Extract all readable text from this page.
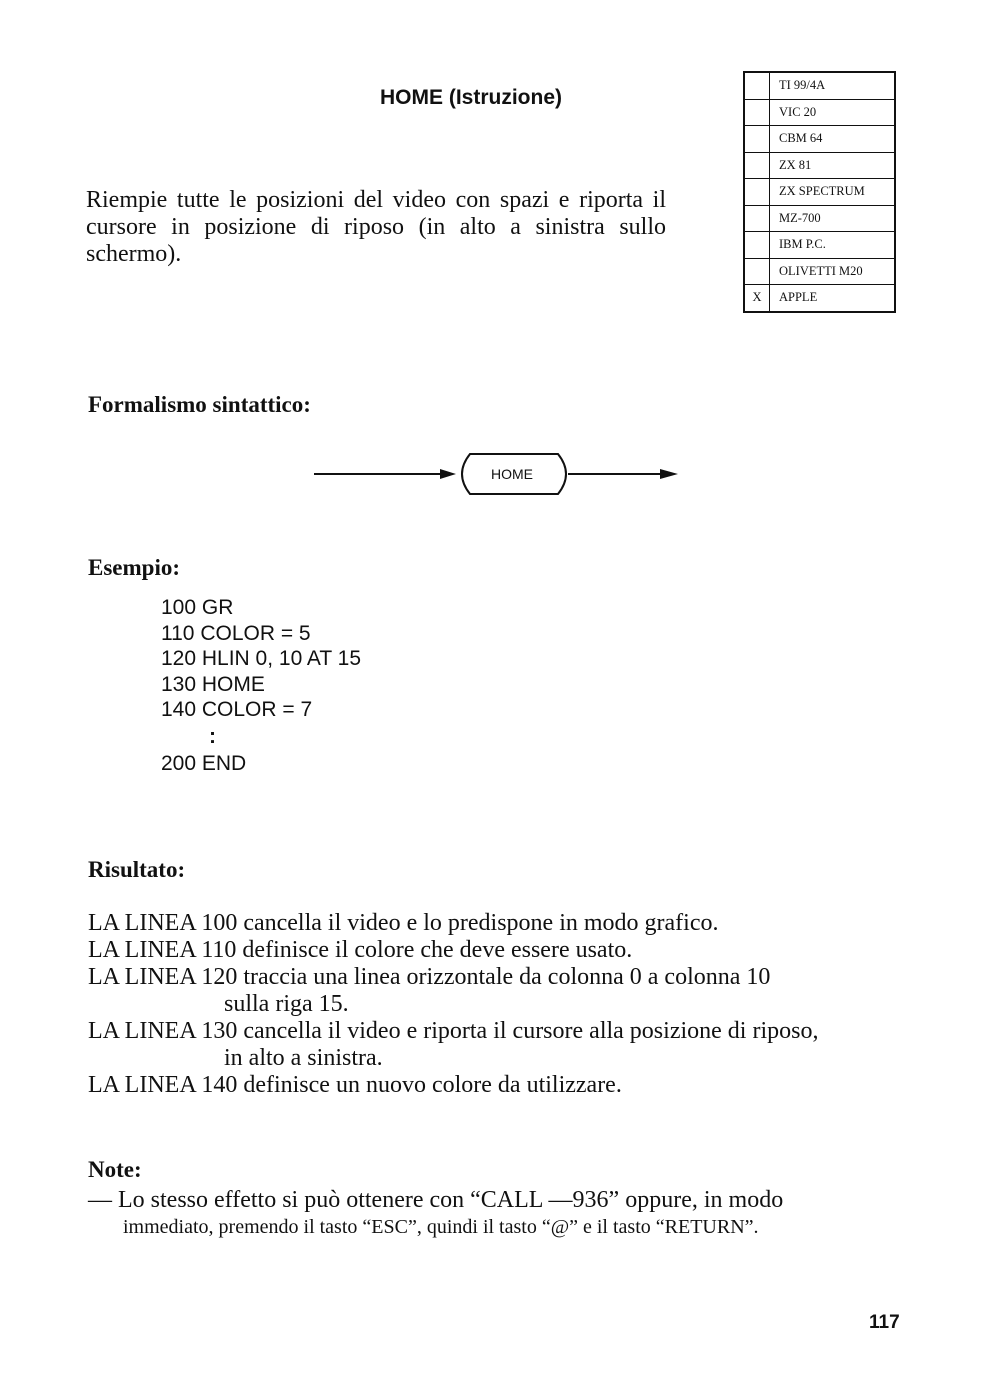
HOME (Istruzione)
Riempie tutte le posizioni del video con spazi e riporta il cursore in posizione di riposo (in alto a sinistra sullo schermo).
	TI 99/4A
	VIC 20
	CBM 64
	ZX 81
	ZX SPECTRUM
	MZ-700
	IBM P.C.
	OLIVETTI M20
X	APPLE
Formalismo sintattico:
HOME
Esempio:
100 GR
110 COLOR = 5
120 HLIN 0, 10 AT 15
130 HOME
140 COLOR = 7
:
200 END
Risultato:
LA LINEA 100 cancella il video e lo predispone in modo grafico.
LA LINEA 110 definisce il colore che deve essere usato.
LA LINEA 120 traccia una linea orizzontale da colonna 0 a colonna 10
sulla riga 15.
LA LINEA 130 cancella il video e riporta il cursore alla posizione di riposo,
in alto a sinistra.
LA LINEA 140 definisce un nuovo colore da utilizzare.
Note:
— Lo stesso effetto si può ottenere con “CALL —936” oppure, in modo
immediato, premendo il tasto “ESC”, quindi il tasto “@” e il tasto “RETURN”.
117
